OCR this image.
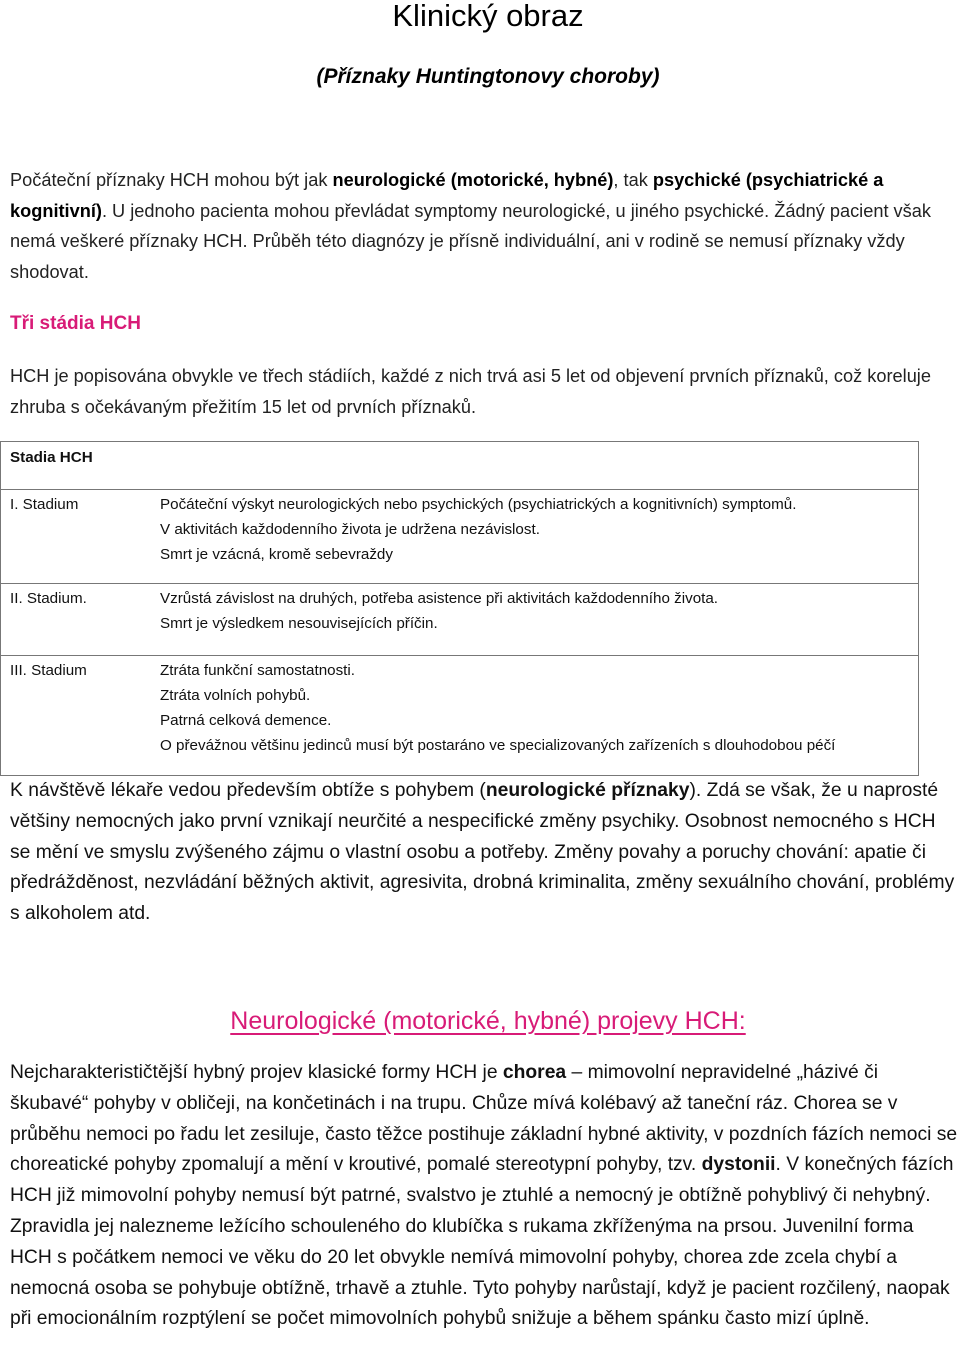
Klinický obraz

(Příznaky Huntingtonovy choroby)

Počáteční příznaky HCH mohou být jak neurologické (motorické, hybné), tak psychické (psychiatrické a kognitivní). U jednoho pacienta mohou převládat symptomy neurologické, u jiného psychické. Žádný pacient však nemá veškeré příznaky HCH. Průběh této diagnózy je přísně individuální, ani v rodině se nemusí příznaky vždy shodovat.

Tři stádia HCH

HCH je popisována obvykle ve třech stádiích, každé z nich trvá asi 5 let od objevení prvních příznaků, což koreluje zhruba s očekávaným přežitím 15 let od prvních příznaků.

Stadia HCH	
I. Stadium	Počáteční výskyt neurologických nebo psychických (psychiatrických a kognitivních) symptomů.
V aktivitách každodenního života je udržena nezávislost.
Smrt je vzácná, kromě sebevraždy

II. Stadium.	Vzrůstá závislost na druhých, potřeba asistence při aktivitách každodenního života.
Smrt je výsledkem nesouvisejících příčin.

III. Stadium	Ztráta funkční samostatnosti.
Ztráta volních pohybů.
Patrná celková demence.
O převážnou většinu jedinců musí být postaráno ve specializovaných zařízeních s dlouhodobou péčí

K návštěvě lékaře vedou především obtíže s pohybem (neurologické příznaky). Zdá se však, že u naprosté většiny nemocných jako první vznikají neurčité a nespecifické změny psychiky. Osobnost nemocného s HCH se mění ve smyslu zvýšeného zájmu o vlastní osobu a potřeby. Změny povahy a poruchy chování: apatie či předrážděnost, nezvládání běžných aktivit, agresivita, drobná kriminalita, změny sexuálního chování, problémy s alkoholem atd.

Neurologické (motorické, hybné) projevy HCH:

Nejcharakterističtější hybný projev klasické formy HCH je chorea – mimovolní nepravidelné „házivé či škubavé“ pohyby v obličeji, na končetinách i na trupu. Chůze mívá kolébavý až taneční ráz. Chorea se v průběhu nemoci po řadu let zesiluje, často těžce postihuje základní hybné aktivity, v pozdních fázích nemoci se choreatické pohyby zpomalují a mění v kroutivé, pomalé stereotypní pohyby, tzv. dystonii. V konečných fázích HCH již mimovolní pohyby nemusí být patrné, svalstvo je ztuhlé a nemocný je obtížně pohyblivý či nehybný. Zpravidla jej nalezneme ležícího schouleného do klubíčka s rukama zkříženýma na prsou. Juvenilní forma HCH s počátkem nemoci ve věku do 20 let obvykle nemívá mimovolní pohyby, chorea zde zcela chybí a nemocná osoba se pohybuje obtížně, trhavě a ztuhle. Tyto pohyby narůstají, když je pacient rozčilený, naopak při emocionálním rozptýlení se počet mimovolních pohybů snižuje a během spánku často mizí úplně.
